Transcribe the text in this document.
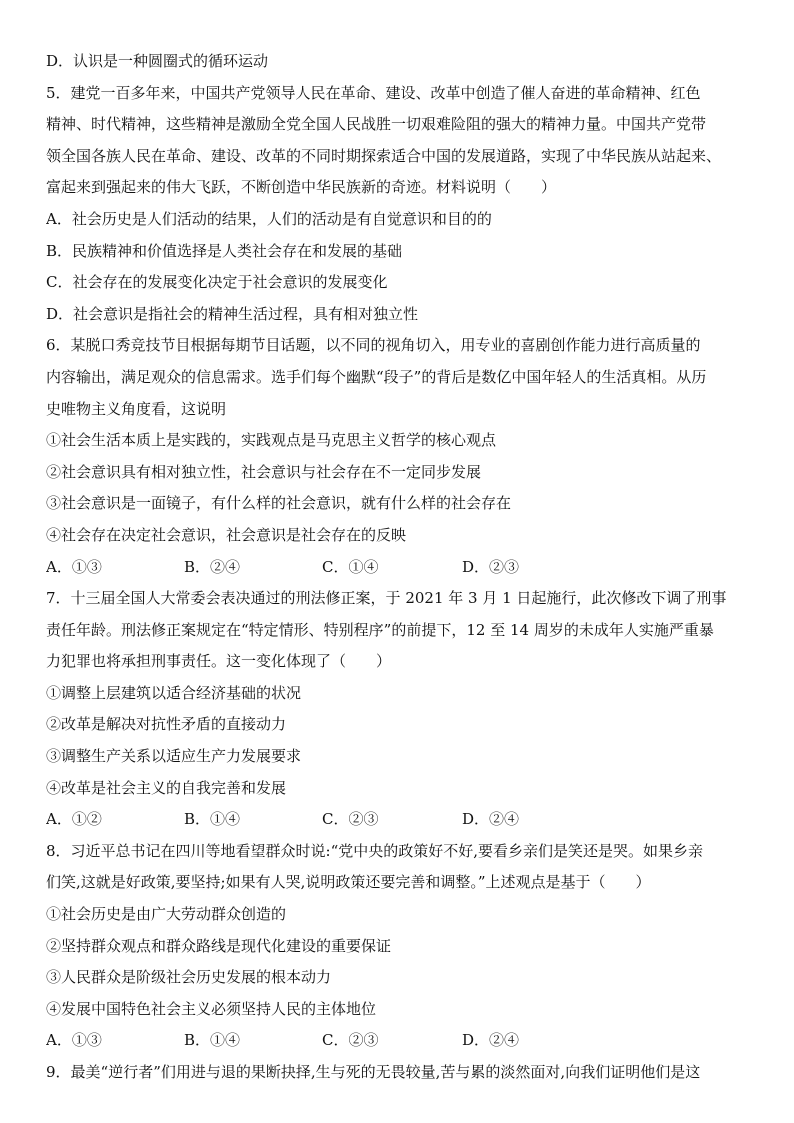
D．认识是一种圆圈式的循环运动
5．建党一百多年来，中国共产党领导人民在革命、建设、改革中创造了催人奋进的革命精神、红色
精神、时代精神，这些精神是激励全党全国人民战胜一切艰难险阻的强大的精神力量。中国共产党带
领全国各族人民在革命、建设、改革的不同时期探索适合中国的发展道路，实现了中华民族从站起来、
富起来到强起来的伟大飞跃，不断创造中华民族新的奇迹。材料说明（　　）
A．社会历史是人们活动的结果，人们的活动是有自觉意识和目的的
B．民族精神和价值选择是人类社会存在和发展的基础
C．社会存在的发展变化决定于社会意识的发展变化
D．社会意识是指社会的精神生活过程，具有相对独立性
6．某脱口秀竞技节目根据每期节目话题，以不同的视角切入，用专业的喜剧创作能力进行高质量的
内容输出，满足观众的信息需求。选手们每个幽默“段子”的背后是数亿中国年轻人的生活真相。从历
史唯物主义角度看，这说明
①社会生活本质上是实践的，实践观点是马克思主义哲学的核心观点
②社会意识具有相对独立性，社会意识与社会存在不一定同步发展
③社会意识是一面镜子，有什么样的社会意识，就有什么样的社会存在
④社会存在决定社会意识，社会意识是社会存在的反映
A．①③	B．②④	C．①④	D．②③
7．十三届全国人大常委会表决通过的刑法修正案，于 2021 年 3 月 1 日起施行，此次修改下调了刑事
责任年龄。刑法修正案规定在“特定情形、特别程序”的前提下，12 至 14 周岁的未成年人实施严重暴
力犯罪也将承担刑事责任。这一变化体现了（　　）
①调整上层建筑以适合经济基础的状况
②改革是解决对抗性矛盾的直接动力
③调整生产关系以适应生产力发展要求
④改革是社会主义的自我完善和发展
A．①②	B．①④	C．②③	D．②④
8．习近平总书记在四川等地看望群众时说:“党中央的政策好不好,要看乡亲们是笑还是哭。如果乡亲
们笑,这就是好政策,要坚持;如果有人哭,说明政策还要完善和调整。”上述观点是基于（　　）
①社会历史是由广大劳动群众创造的
②坚持群众观点和群众路线是现代化建设的重要保证
③人民群众是阶级社会历史发展的根本动力
④发展中国特色社会主义必须坚持人民的主体地位
A．①③	B．①④	C．②③	D．②④
9．最美“逆行者”们用进与退的果断抉择,生与死的无畏较量,苦与累的淡然面对,向我们证明他们是这
